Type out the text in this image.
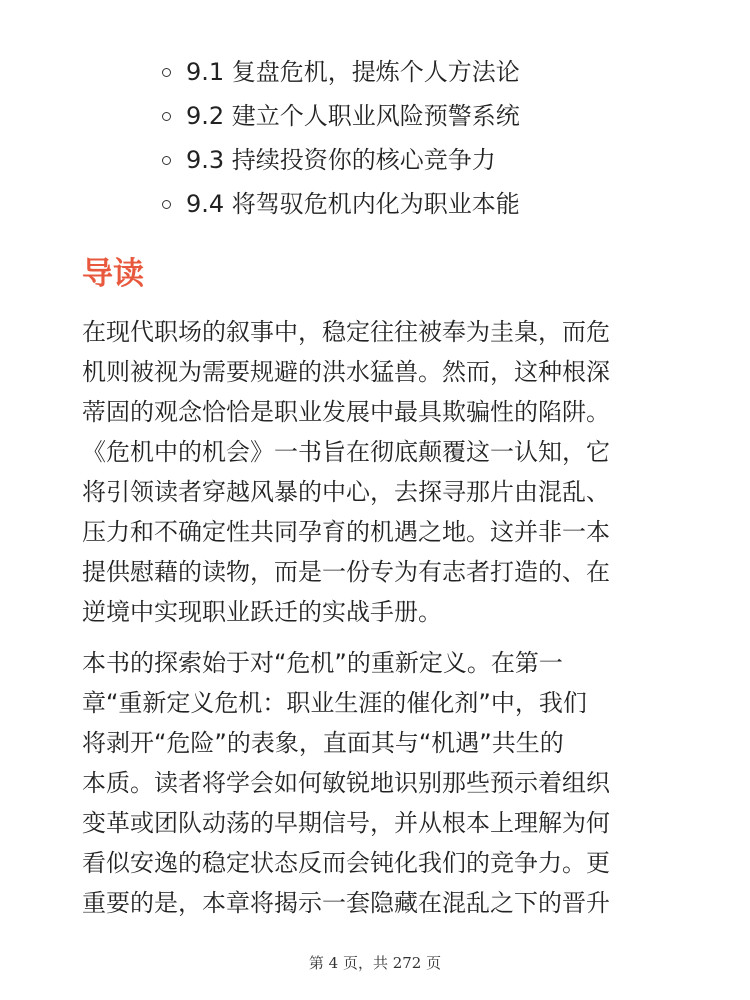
9.1 复盘危机，提炼个人方法论
9.2 建立个人职业风险预警系统
9.3 持续投资你的核心竞争力
9.4 将驾驭危机内化为职业本能
导读

在现代职场的叙事中，稳定往往被奉为圭臬，而危
机则被视为需要规避的洪水猛兽。然而，这种根深
蒂固的观念恰恰是职业发展中最具欺骗性的陷阱。
《危机中的机会》一书旨在彻底颠覆这一认知，它
将引领读者穿越风暴的中心，去探寻那片由混乱、
压力和不确定性共同孕育的机遇之地。这并非一本
提供慰藉的读物，而是一份专为有志者打造的、在
逆境中实现职业跃迁的实战手册。

本书的探索始于对“危机”的重新定义。在第一
章“重新定义危机：职业生涯的催化剂”中，我们
将剥开“危险”的表象，直面其与“机遇”共生的
本质。读者将学会如何敏锐地识别那些预示着组织
变革或团队动荡的早期信号，并从根本上理解为何
看似安逸的稳定状态反而会钝化我们的竞争力。更
重要的是，本章将揭示一套隐藏在混乱之下的晋升

第 4 页，共 272 页
